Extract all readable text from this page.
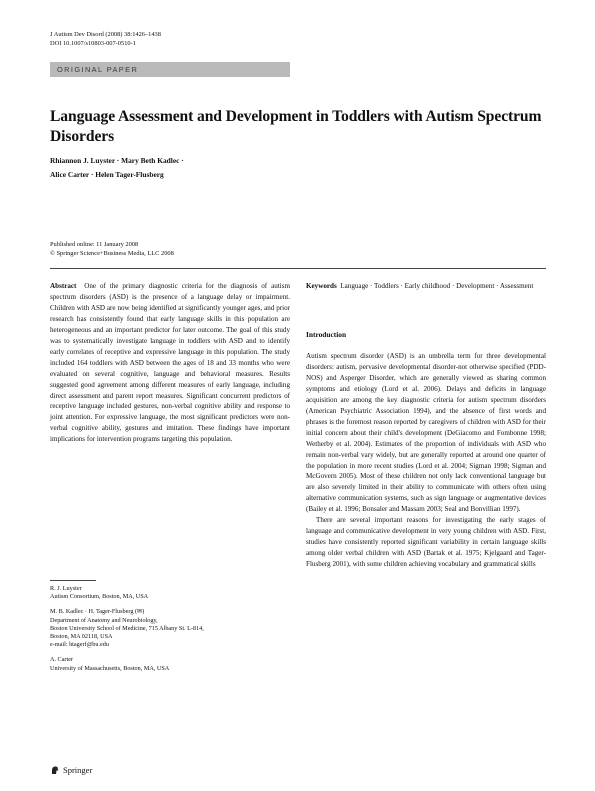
J Autism Dev Disord (2008) 38:1426–1438
DOI 10.1007/s10803-007-0510-1
ORIGINAL PAPER
Language Assessment and Development in Toddlers with Autism Spectrum Disorders
Rhiannon J. Luyster · Mary Beth Kadlec ·
Alice Carter · Helen Tager-Flusberg
Published online: 11 January 2008
© Springer Science+Business Media, LLC 2008

Abstract One of the primary diagnostic criteria for the diagnosis of autism spectrum disorders (ASD) is the presence of a language delay or impairment. Children with ASD are now being identified at significantly younger ages, and prior research has consistently found that early language skills in this population are heterogeneous and an important predictor for later outcome. The goal of this study was to systematically investigate language in toddlers with ASD and to identify early correlates of receptive and expressive language in this population. The study included 164 toddlers with ASD between the ages of 18 and 33 months who were evaluated on several cognitive, language and behavioral measures. Results suggested good agreement among different measures of early language, including direct assessment and parent report measures. Significant concurrent predictors of receptive language included gestures, non-verbal cognitive ability and response to joint attention. For expressive language, the most significant predictors were non-verbal cognitive ability, gestures and imitation. These findings have important implications for intervention programs targeting this population.

R. J. Luyster
Autism Consortium, Boston, MA, USA

M. B. Kadlec · H. Tager-Flusberg (✉)
Department of Anatomy and Neurobiology,
Boston University School of Medicine, 715 Albany St. L-814,
Boston, MA 02118, USA
e-mail: htagerf@bu.edu

A. Carter
University of Massachusetts, Boston, MA, USA

Keywords Language · Toddlers · Early childhood · Development · Assessment

Introduction

Autism spectrum disorder (ASD) is an umbrella term for three developmental disorders: autism, pervasive developmental disorder-not otherwise specified (PDD-NOS) and Asperger Disorder, which are generally viewed as sharing common symptoms and etiology (Lord et al. 2006). Delays and deficits in language acquisition are among the key diagnostic criteria for autism spectrum disorders (American Psychiatric Association 1994), and the absence of first words and phrases is the foremost reason reported by caregivers of children with ASD for their initial concern about their child's development (DeGiacomo and Fombonne 1998; Wetherby et al. 2004). Estimates of the proportion of individuals with ASD who remain non-verbal vary widely, but are generally reported at around one quarter of the population in more recent studies (Lord et al. 2004; Sigman 1998; Sigman and McGovern 2005). Most of these children not only lack conventional language but are also severely limited in their ability to communicate with others often using alternative communication systems, such as sign language or augmentative devices (Bailey et al. 1996; Bonsaler and Massam 2003; Seal and Bonvillian 1997).

There are several important reasons for investigating the early stages of language and communicative development in very young children with ASD. First, studies have consistently reported significant variability in certain language skills among older verbal children with ASD (Bartak et al. 1975; Kjelgaard and Tager-Flusberg 2001), with some children achieving vocabulary and grammatical skills

Springer
